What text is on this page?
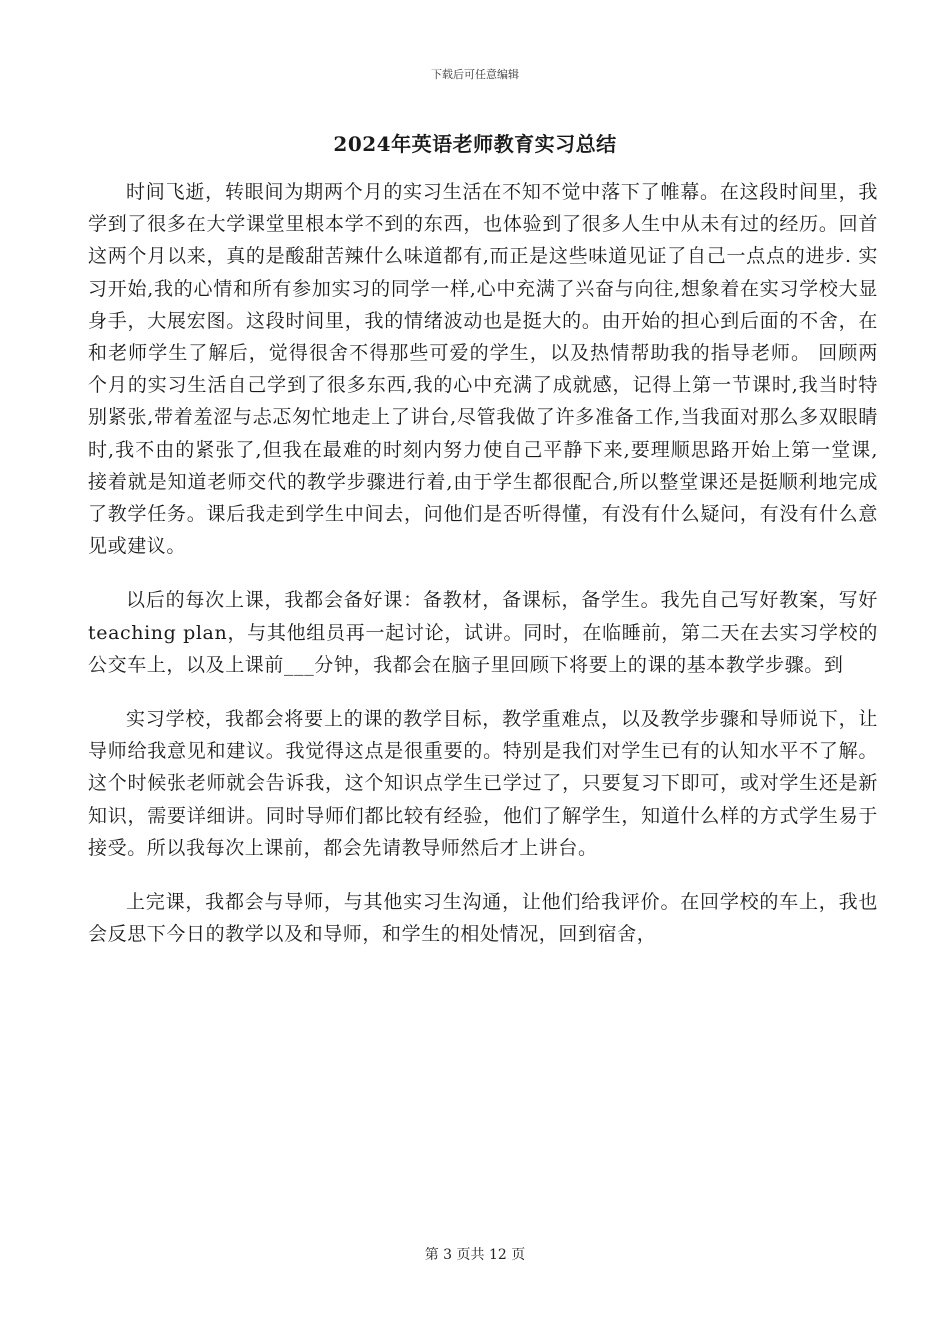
下载后可任意编辑
2024年英语老师教育实习总结

时间飞逝，转眼间为期两个月的实习生活在不知不觉中落下了帷幕。在这段时间里，我学到了很多在大学课堂里根本学不到的东西，也体验到了很多人生中从未有过的经历。回首这两个月以来，真的是酸甜苦辣什么味道都有,而正是这些味道见证了自己一点点的进步. 实习开始,我的心情和所有参加实习的同学一样,心中充满了兴奋与向往,想象着在实习学校大显身手，大展宏图。这段时间里，我的情绪波动也是挺大的。由开始的担心到后面的不舍，在和老师学生了解后，觉得很舍不得那些可爱的学生，以及热情帮助我的指导老师。 回顾两个月的实习生活自己学到了很多东西,我的心中充满了成就感，记得上第一节课时,我当时特别紧张,带着羞涩与忐忑匆忙地走上了讲台,尽管我做了许多准备工作,当我面对那么多双眼睛时,我不由的紧张了,但我在最难的时刻内努力使自己平静下来,要理顺思路开始上第一堂课,接着就是知道老师交代的教学步骤进行着,由于学生都很配合,所以整堂课还是挺顺利地完成了教学任务。课后我走到学生中间去，问他们是否听得懂，有没有什么疑问，有没有什么意见或建议。

以后的每次上课，我都会备好课：备教材，备课标，备学生。我先自己写好教案，写好teaching plan，与其他组员再一起讨论，试讲。同时，在临睡前，第二天在去实习学校的公交车上，以及上课前___分钟，我都会在脑子里回顾下将要上的课的基本教学步骤。到

实习学校，我都会将要上的课的教学目标，教学重难点，以及教学步骤和导师说下，让导师给我意见和建议。我觉得这点是很重要的。特别是我们对学生已有的认知水平不了解。这个时候张老师就会告诉我，这个知识点学生已学过了，只要复习下即可，或对学生还是新知识，需要详细讲。同时导师们都比较有经验，他们了解学生，知道什么样的方式学生易于接受。所以我每次上课前，都会先请教导师然后才上讲台。

上完课，我都会与导师，与其他实习生沟通，让他们给我评价。在回学校的车上，我也会反思下今日的教学以及和导师，和学生的相处情况，回到宿舍，

第 3 页共 12 页
